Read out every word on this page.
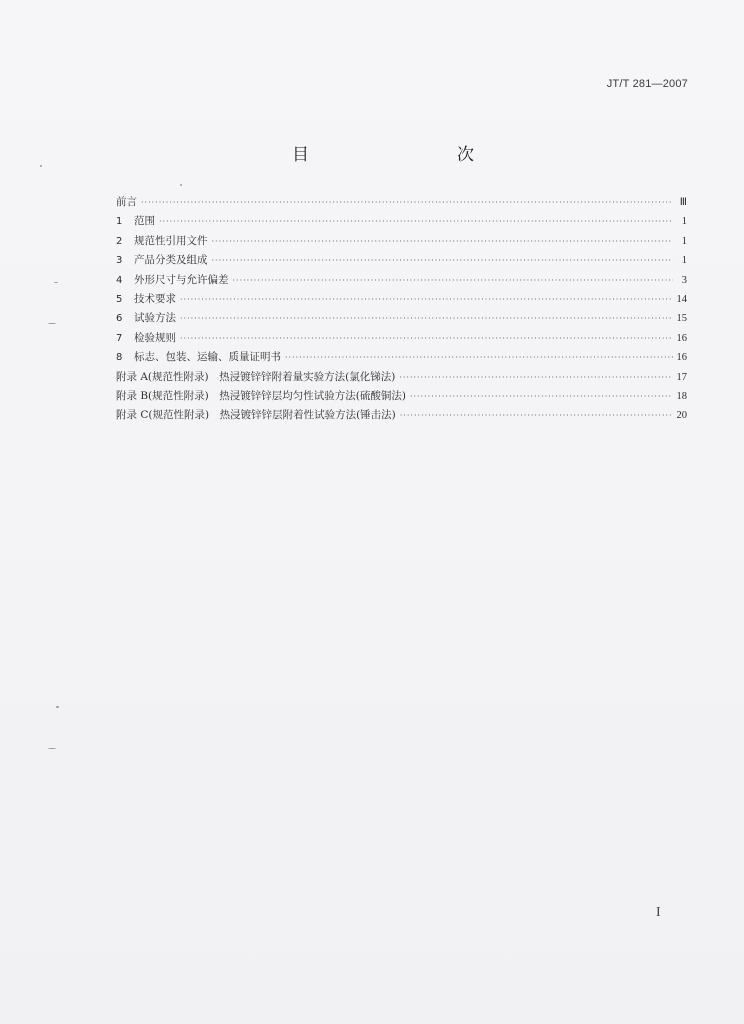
JT/T 281—2007
目　　次
前言 ·····	Ⅲ
1 范围 ·····	1
2 规范性引用文件 ·····	1
3 产品分类及组成 ·····	1
4 外形尺寸与允许偏差 ·····	3
5 技术要求 ·····	14
6 试验方法 ·····	15
7 检验规则 ·····	16
8 标志、包装、运输、质量证明书 ·····	16
附录 A(规范性附录)　热浸镀锌锌附着量实验方法(氯化锑法) ·····	17
附录 B(规范性附录)　热浸镀锌锌层均匀性试验方法(硫酸铜法) ·····	18
附录 C(规范性附录)　热浸镀锌锌层附着性试验方法(锤击法) ·····	20
I
